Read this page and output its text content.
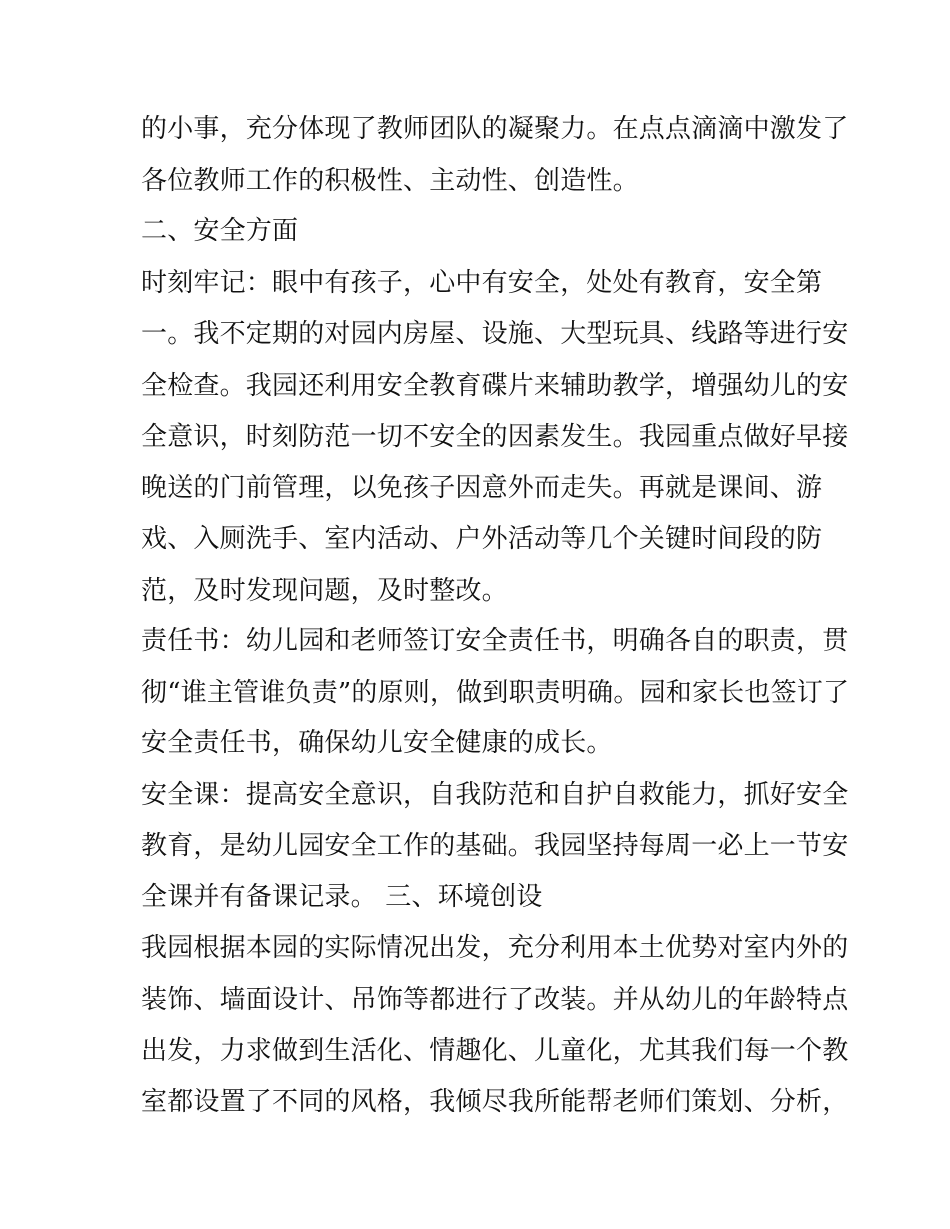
的小事，充分体现了教师团队的凝聚力。在点点滴滴中激发了
各位教师工作的积极性、主动性、创造性。
二、安全方面
时刻牢记：眼中有孩子，心中有安全，处处有教育，安全第
一。我不定期的对园内房屋、设施、大型玩具、线路等进行安
全检查。我园还利用安全教育碟片来辅助教学，增强幼儿的安
全意识，时刻防范一切不安全的因素发生。我园重点做好早接
晚送的门前管理，以免孩子因意外而走失。再就是课间、游
戏、入厕洗手、室内活动、户外活动等几个关键时间段的防
范，及时发现问题，及时整改。
责任书：幼儿园和老师签订安全责任书，明确各自的职责，贯
彻“谁主管谁负责”的原则，做到职责明确。园和家长也签订了
安全责任书，确保幼儿安全健康的成长。
安全课：提高安全意识，自我防范和自护自救能力，抓好安全
教育，是幼儿园安全工作的基础。我园坚持每周一必上一节安
全课并有备课记录。 三、环境创设
我园根据本园的实际情况出发，充分利用本土优势对室内外的
装饰、墙面设计、吊饰等都进行了改装。并从幼儿的年龄特点
出发，力求做到生活化、情趣化、儿童化，尤其我们每一个教
室都设置了不同的风格，我倾尽我所能帮老师们策划、分析，
